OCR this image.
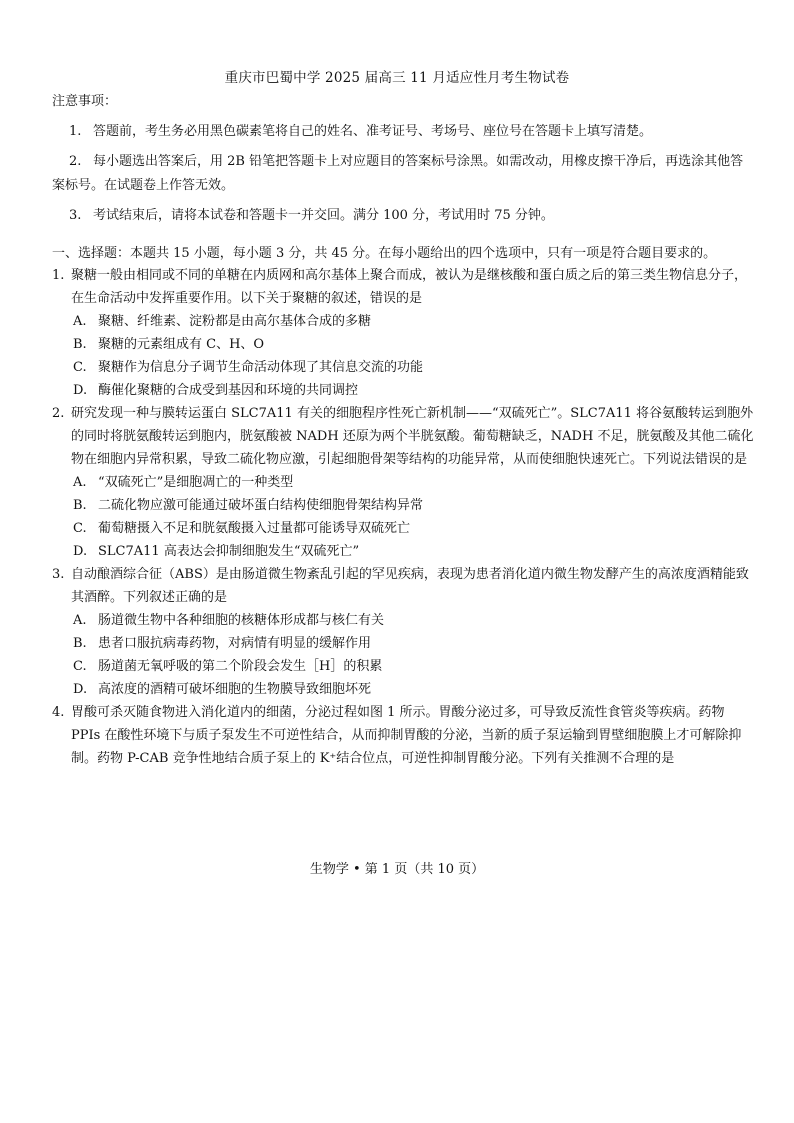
重庆市巴蜀中学 2025 届高三 11 月适应性月考生物试卷
注意事项：

1. 答题前，考生务必用黑色碳素笔将自己的姓名、准考证号、考场号、座位号在答题卡上填写清楚。

2. 每小题选出答案后，用 2B 铅笔把答题卡上对应题目的答案标号涂黑。如需改动，用橡皮擦干净后，再选涂其他答案标号。在试题卷上作答无效。

3. 考试结束后，请将本试卷和答题卡一并交回。满分 100 分，考试用时 75 分钟。

一、选择题：本题共 15 小题，每小题 3 分，共 45 分。在每小题给出的四个选项中，只有一项是符合题目要求的。

1. 聚糖一般由相同或不同的单糖在内质网和高尔基体上聚合而成，被认为是继核酸和蛋白质之后的第三类生物信息分子，在生命活动中发挥重要作用。以下关于聚糖的叙述，错误的是

A. 聚糖、纤维素、淀粉都是由高尔基体合成的多糖

B. 聚糖的元素组成有 C、H、O

C. 聚糖作为信息分子调节生命活动体现了其信息交流的功能

D. 酶催化聚糖的合成受到基因和环境的共同调控

2. 研究发现一种与膜转运蛋白 SLC7A11 有关的细胞程序性死亡新机制——“双硫死亡”。SLC7A11 将谷氨酸转运到胞外的同时将胱氨酸转运到胞内，胱氨酸被 NADH 还原为两个半胱氨酸。葡萄糖缺乏，NADH 不足，胱氨酸及其他二硫化物在细胞内异常积累，导致二硫化物应激，引起细胞骨架等结构的功能异常，从而使细胞快速死亡。下列说法错误的是

A. “双硫死亡”是细胞凋亡的一种类型

B. 二硫化物应激可能通过破坏蛋白结构使细胞骨架结构异常

C. 葡萄糖摄入不足和胱氨酸摄入过量都可能诱导双硫死亡

D. SLC7A11 高表达会抑制细胞发生“双硫死亡”

3. 自动酿酒综合征（ABS）是由肠道微生物紊乱引起的罕见疾病，表现为患者消化道内微生物发酵产生的高浓度酒精能致其酒醉。下列叙述正确的是

A. 肠道微生物中各种细胞的核糖体形成都与核仁有关

B. 患者口服抗病毒药物，对病情有明显的缓解作用

C. 肠道菌无氧呼吸的第二个阶段会发生［H］的积累

D. 高浓度的酒精可破坏细胞的生物膜导致细胞坏死

4. 胃酸可杀灭随食物进入消化道内的细菌，分泌过程如图 1 所示。胃酸分泌过多，可导致反流性食管炎等疾病。药物 PPIs 在酸性环境下与质子泵发生不可逆性结合，从而抑制胃酸的分泌，当新的质子泵运输到胃壁细胞膜上才可解除抑制。药物 P-CAB 竞争性地结合质子泵上的 K⁺结合位点，可逆性抑制胃酸分泌。下列有关推测不合理的是

生物学 • 第 1 页（共 10 页）
